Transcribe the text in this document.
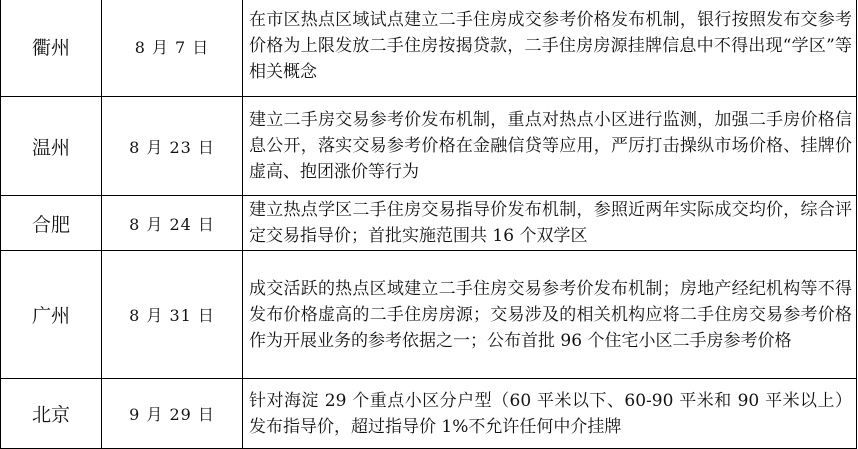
衢州	8 月 7 日	在市区热点区域试点建立二手住房成交参考价格发布机制，银行按照发布交参考价格为上限发放二手住房按揭贷款，二手住房房源挂牌信息中不得出现“学区”等相关概念
温州	8 月 23 日	建立二手房交易参考价发布机制，重点对热点小区进行监测，加强二手房价格信息公开，落实交易参考价格在金融信贷等应用，严厉打击操纵市场价格、挂牌价虚高、抱团涨价等行为
合肥	8 月 24 日	建立热点学区二手住房交易指导价发布机制，参照近两年实际成交均价，综合评定交易指导价；首批实施范围共 16 个双学区
广州	8 月 31 日	成交活跃的热点区域建立二手住房交易参考价发布机制；房地产经纪机构等不得发布价格虚高的二手住房房源；交易涉及的相关机构应将二手住房交易参考价格作为开展业务的参考依据之一；公布首批 96 个住宅小区二手房参考价格
北京	9 月 29 日	针对海淀 29 个重点小区分户型（60 平米以下、60-90 平米和 90 平米以上）发布指导价，超过指导价 1%不允许任何中介挂牌
